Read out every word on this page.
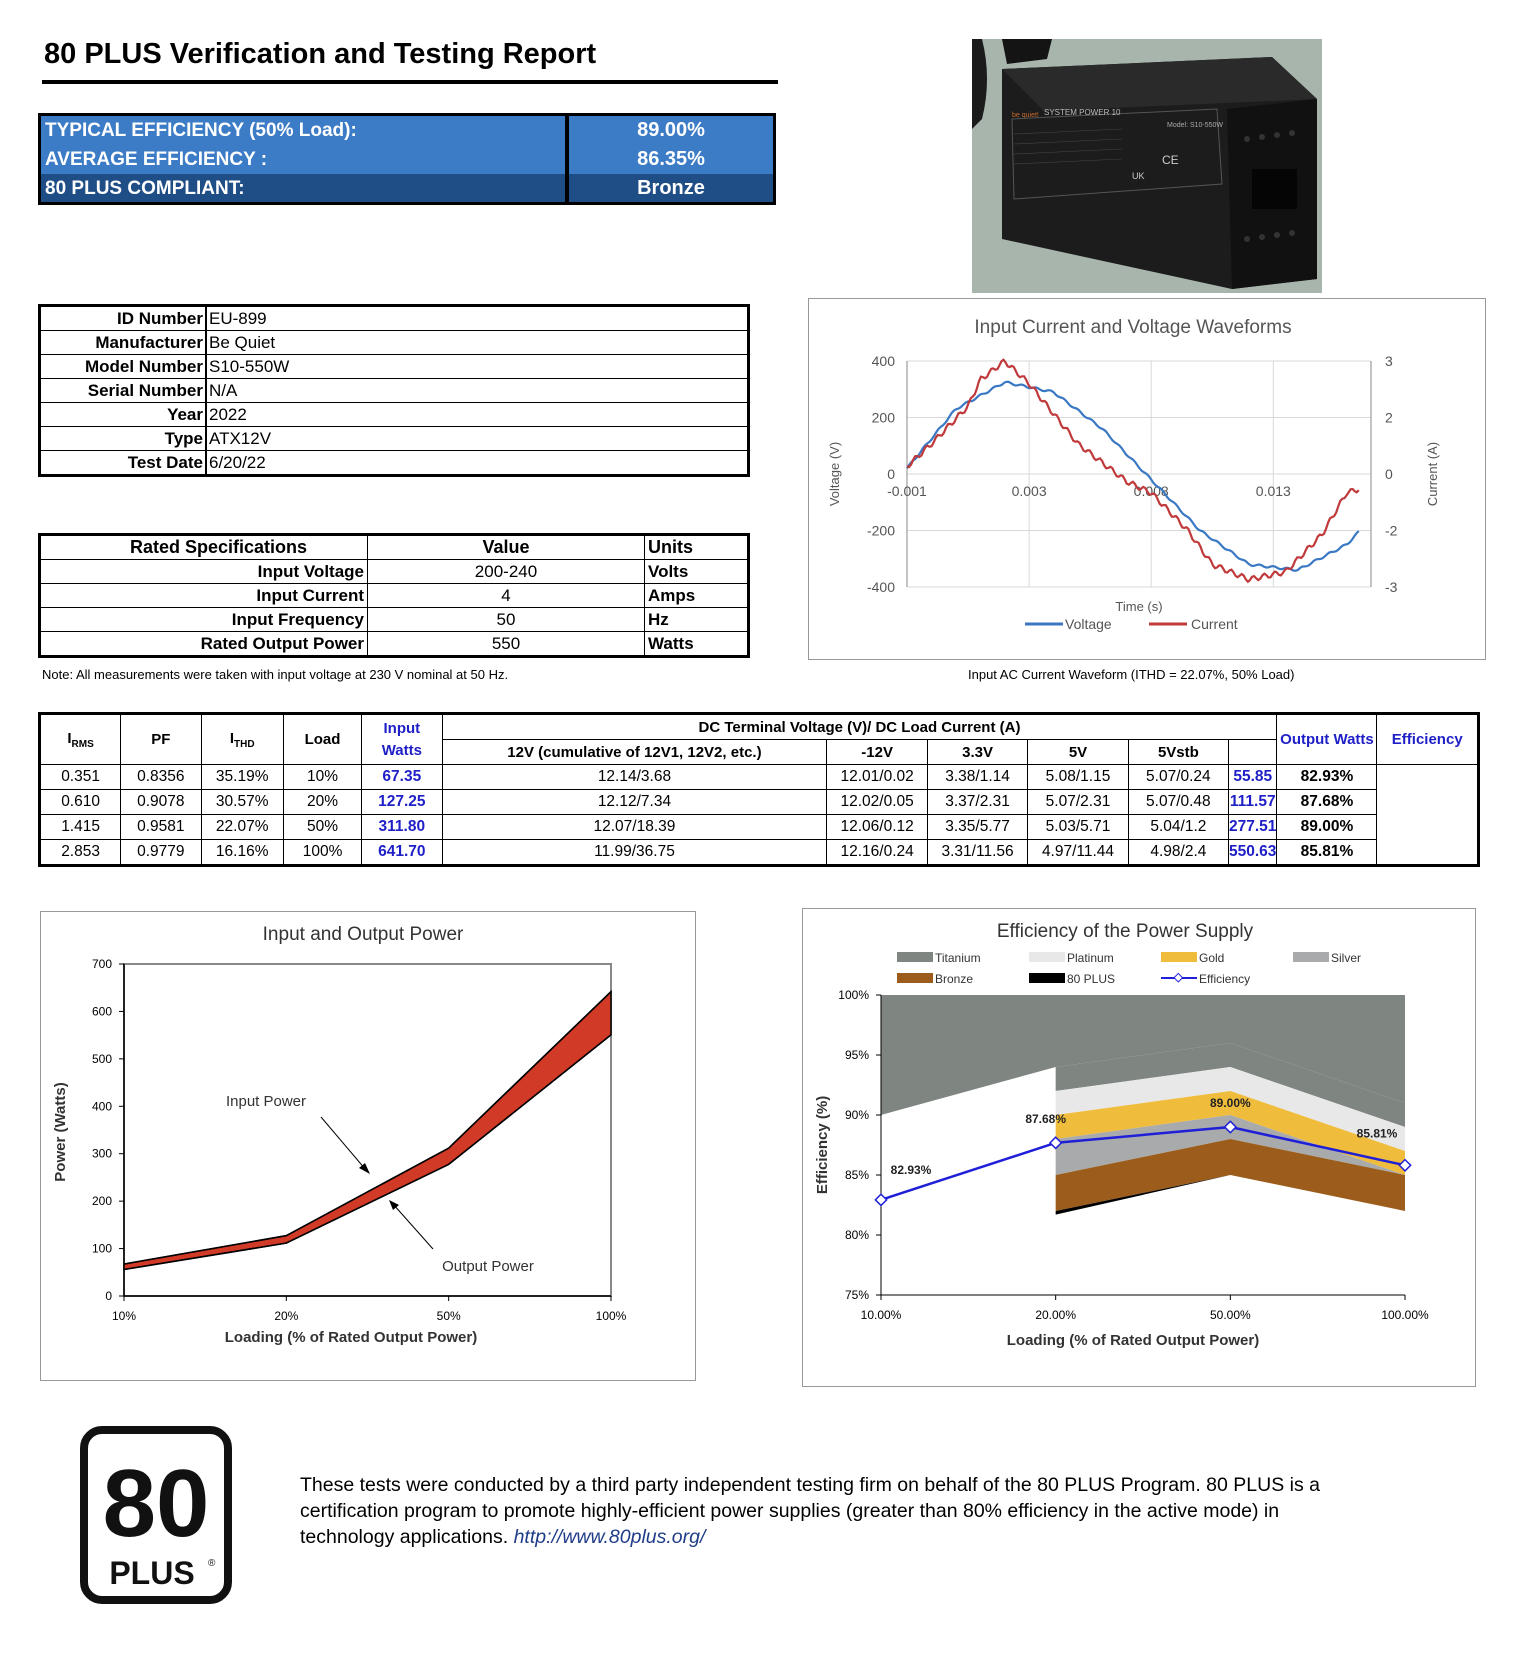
80 PLUS Verification and Testing Report
TYPICAL EFFICIENCY (50% Load):	89.00%
AVERAGE EFFICIENCY :	86.35%
80 PLUS COMPLIANT:	Bronze
be quiet! SYSTEM POWER 10
Model: S10-550W
CE
UK
ID Number	EU-899
Manufacturer	Be Quiet
Model Number	S10-550W
Serial Number	N/A
Year	2022
Type	ATX12V
Test Date	6/20/22
Rated Specifications	Value	Units
Input Voltage	200-240	Volts
Input Current	4	Amps
Input Frequency	50	Hz
Rated Output Power	550	Watts
Note: All measurements were taken with input voltage at 230 V nominal at 50 Hz.
Input Current and Voltage Waveforms
400
200
0
-200
-400
3
2
0
-2
-3
-0.001	0.003	0.008	0.013
Time (s)
Voltage (V)	Current (A)
Voltage	Current
Input AC Current Waveform (ITHD = 22.07%, 50% Load)
$I_{RMS}$	PF	$I_{THD}$	Load	Input Watts	DC Terminal Voltage (V)/ DC Load Current (A)						Output Watts	Efficiency
					12V (cumulative of 12V1, 12V2, etc.)	-12V	3.3V	5V	5Vstb			
0.351	0.8356	35.19%	10%	67.35	12.14/3.68	12.01/0.02	3.38/1.14	5.08/1.15	5.07/0.24	55.85	82.93%	
0.610	0.9078	30.57%	20%	127.25	12.12/7.34	12.02/0.05	3.37/2.31	5.07/2.31	5.07/0.48	111.57	87.68%	
1.415	0.9581	22.07%	50%	311.80	12.07/18.39	12.06/0.12	3.35/5.77	5.03/5.71	5.04/1.2	277.51	89.00%	
2.853	0.9779	16.16%	100%	641.70	11.99/36.75	12.16/0.24	3.31/11.56	4.97/11.44	4.98/2.4	550.63	85.81%	
Input and Output Power
0
100
200
300
400
500
600
700
10%	20%	50%	100%
Input Power
Output Power
Loading (% of Rated Output Power)
Power (Watts)
Efficiency of the Power Supply
Titanium	Platinum	Gold	Silver
Bronze	80 PLUS	Efficiency
75%
80%
85%
90%
95%
100%
10.00%	20.00%	50.00%	100.00%
82.93%
87.68%
89.00%
85.81%
Loading (% of Rated Output Power)
Efficiency (%)
80
PLUS ®
These tests were conducted by a third party independent testing firm on behalf of the 80 PLUS Program. 80 PLUS is a certification program to promote highly-efficient power supplies (greater than 80% efficiency in the active mode) in technology applications. http://www.80plus.org/
